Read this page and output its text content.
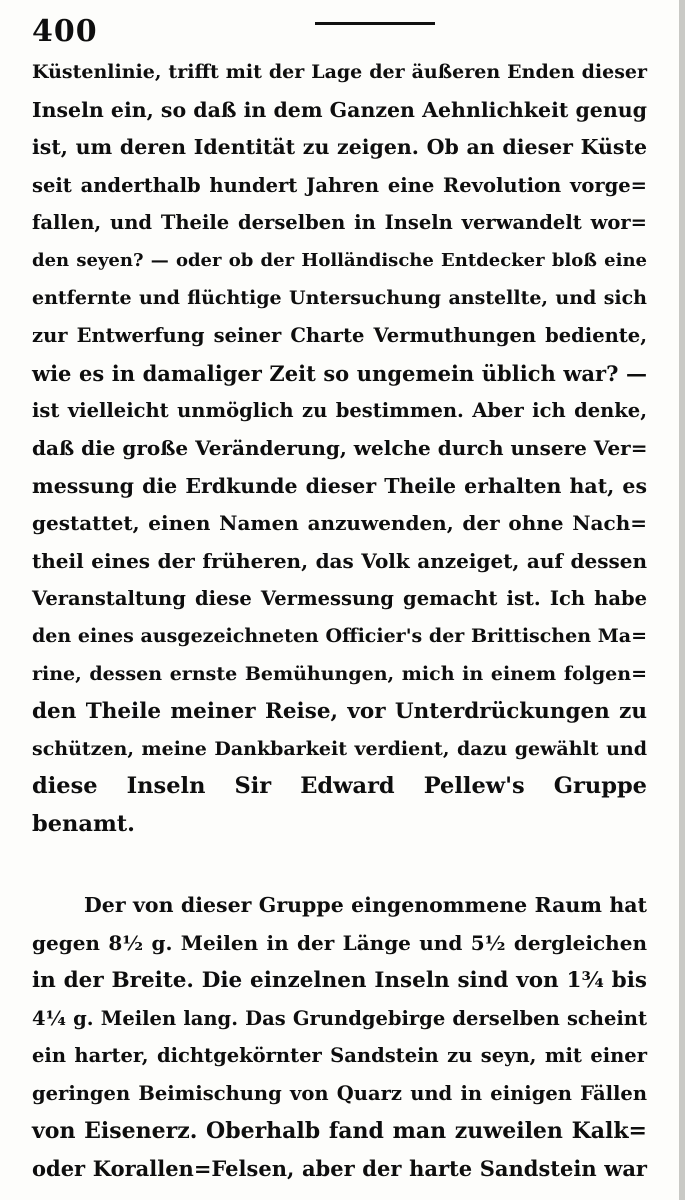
400
Küstenlinie, trifft mit der Lage der äußeren Enden dieser
Inseln ein, so daß in dem Ganzen Aehnlichkeit genug
ist, um deren Identität zu zeigen. Ob an dieser Küste
seit anderthalb hundert Jahren eine Revolution vorge=
fallen, und Theile derselben in Inseln verwandelt wor=
den seyen? — oder ob der Holländische Entdecker bloß eine
entfernte und flüchtige Untersuchung anstellte, und sich
zur Entwerfung seiner Charte Vermuthungen bediente,
wie es in damaliger Zeit so ungemein üblich war? —
ist vielleicht unmöglich zu bestimmen. Aber ich denke,
daß die große Veränderung, welche durch unsere Ver=
messung die Erdkunde dieser Theile erhalten hat, es
gestattet, einen Namen anzuwenden, der ohne Nach=
theil eines der früheren, das Volk anzeiget, auf dessen
Veranstaltung diese Vermessung gemacht ist. Ich habe
den eines ausgezeichneten Officier's der Brittischen Ma=
rine, dessen ernste Bemühungen, mich in einem folgen=
den Theile meiner Reise, vor Unterdrückungen zu
schützen, meine Dankbarkeit verdient, dazu gewählt und
diese Inseln Sir Edward Pellew's Gruppe
benamt.
Der von dieser Gruppe eingenommene Raum hat
gegen 8½ g. Meilen in der Länge und 5½ dergleichen
in der Breite. Die einzelnen Inseln sind von 1¾ bis
4¼ g. Meilen lang. Das Grundgebirge derselben scheint
ein harter, dichtgekörnter Sandstein zu seyn, mit einer
geringen Beimischung von Quarz und in einigen Fällen
von Eisenerz. Oberhalb fand man zuweilen Kalk=
oder Korallen=Felsen, aber der harte Sandstein war
